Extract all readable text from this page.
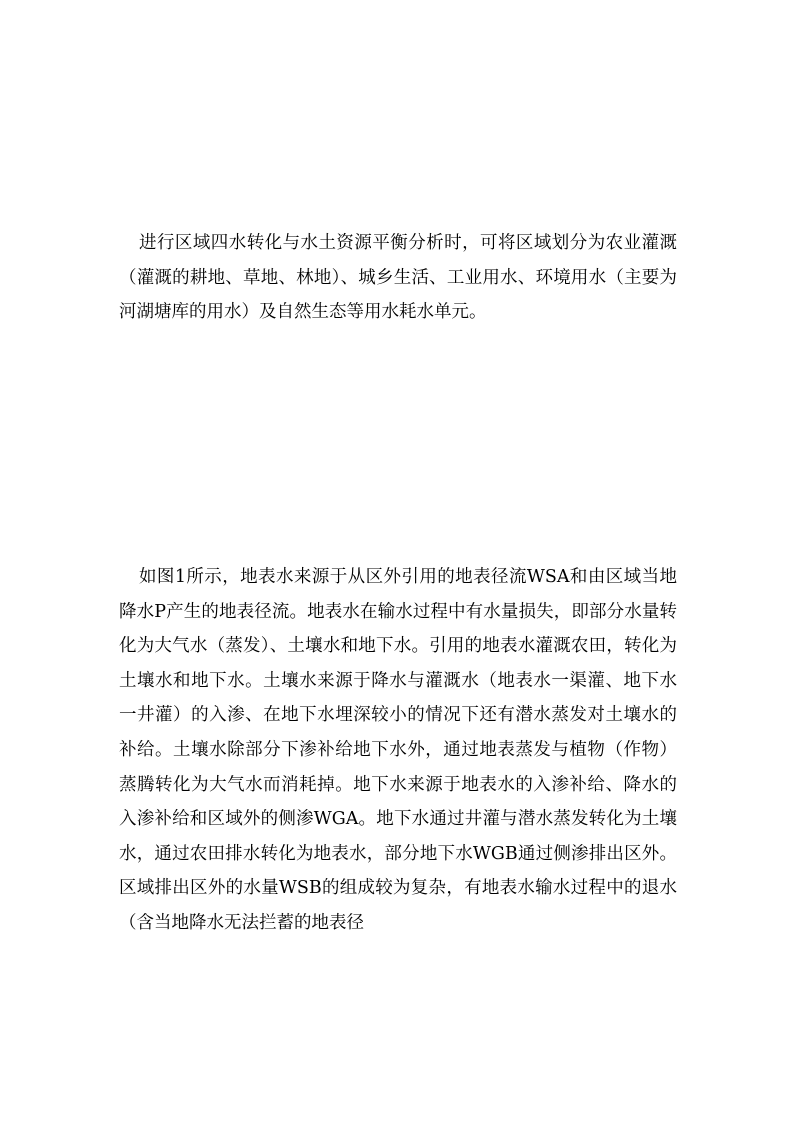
进行区域四水转化与水土资源平衡分析时，可将区域划分为农业灌溉（灌溉的耕地、草地、林地）、城乡生活、工业用水、环境用水（主要为河湖塘库的用水）及自然生态等用水耗水单元。

如图1所示，地表水来源于从区外引用的地表径流WSA和由区域当地降水P产生的地表径流。地表水在输水过程中有水量损失，即部分水量转化为大气水（蒸发）、土壤水和地下水。引用的地表水灌溉农田，转化为土壤水和地下水。土壤水来源于降水与灌溉水（地表水一渠灌、地下水一井灌）的入渗、在地下水埋深较小的情况下还有潜水蒸发对土壤水的补给。土壤水除部分下渗补给地下水外，通过地表蒸发与植物（作物）蒸腾转化为大气水而消耗掉。地下水来源于地表水的入渗补给、降水的入渗补给和区域外的侧渗WGA。地下水通过井灌与潜水蒸发转化为土壤水，通过农田排水转化为地表水，部分地下水WGB通过侧渗排出区外。区域排出区外的水量WSB的组成较为复杂，有地表水输水过程中的退水（含当地降水无法拦蓄的地表径
